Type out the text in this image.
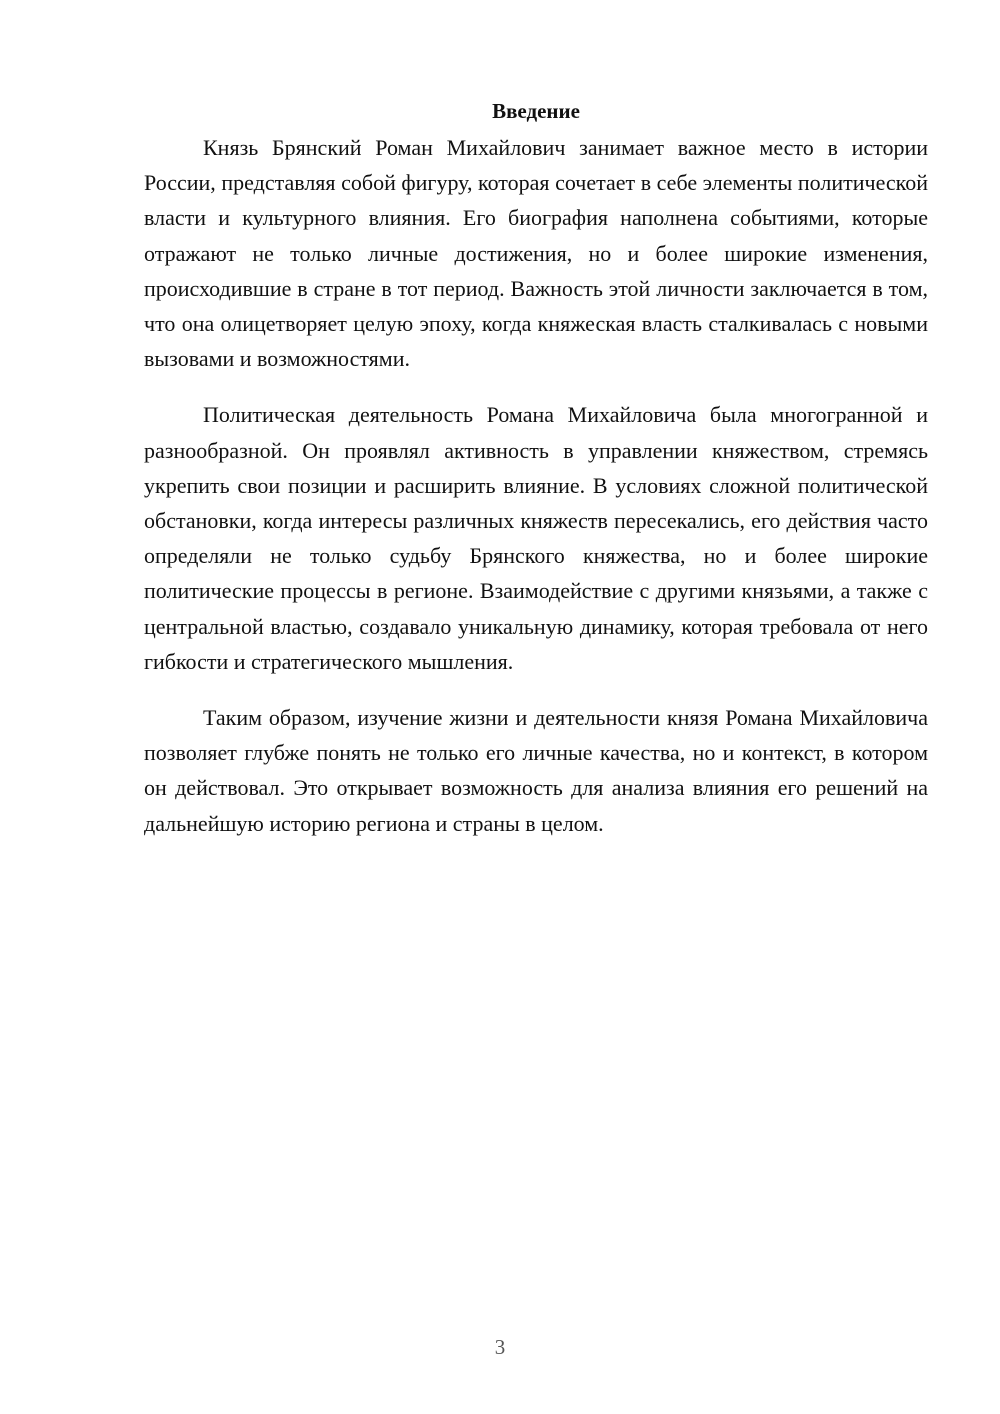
Введение

Князь Брянский Роман Михайлович занимает важное место в истории России, представляя собой фигуру, которая сочетает в себе элементы политической власти и культурного влияния. Его биография наполнена событиями, которые отражают не только личные достижения, но и более широкие изменения, происходившие в стране в тот период. Важность этой личности заключается в том, что она олицетворяет целую эпоху, когда княжеская власть сталкивалась с новыми вызовами и возможностями.

Политическая деятельность Романа Михайловича была многогранной и разнообразной. Он проявлял активность в управлении княжеством, стремясь укрепить свои позиции и расширить влияние. В условиях сложной политической обстановки, когда интересы различных княжеств пересекались, его действия часто определяли не только судьбу Брянского княжества, но и более широкие политические процессы в регионе. Взаимодействие с другими князьями, а также с центральной властью, создавало уникальную динамику, которая требовала от него гибкости и стратегического мышления.

Таким образом, изучение жизни и деятельности князя Романа Михайловича позволяет глубже понять не только его личные качества, но и контекст, в котором он действовал. Это открывает возможность для анализа влияния его решений на дальнейшую историю региона и страны в целом.

3
